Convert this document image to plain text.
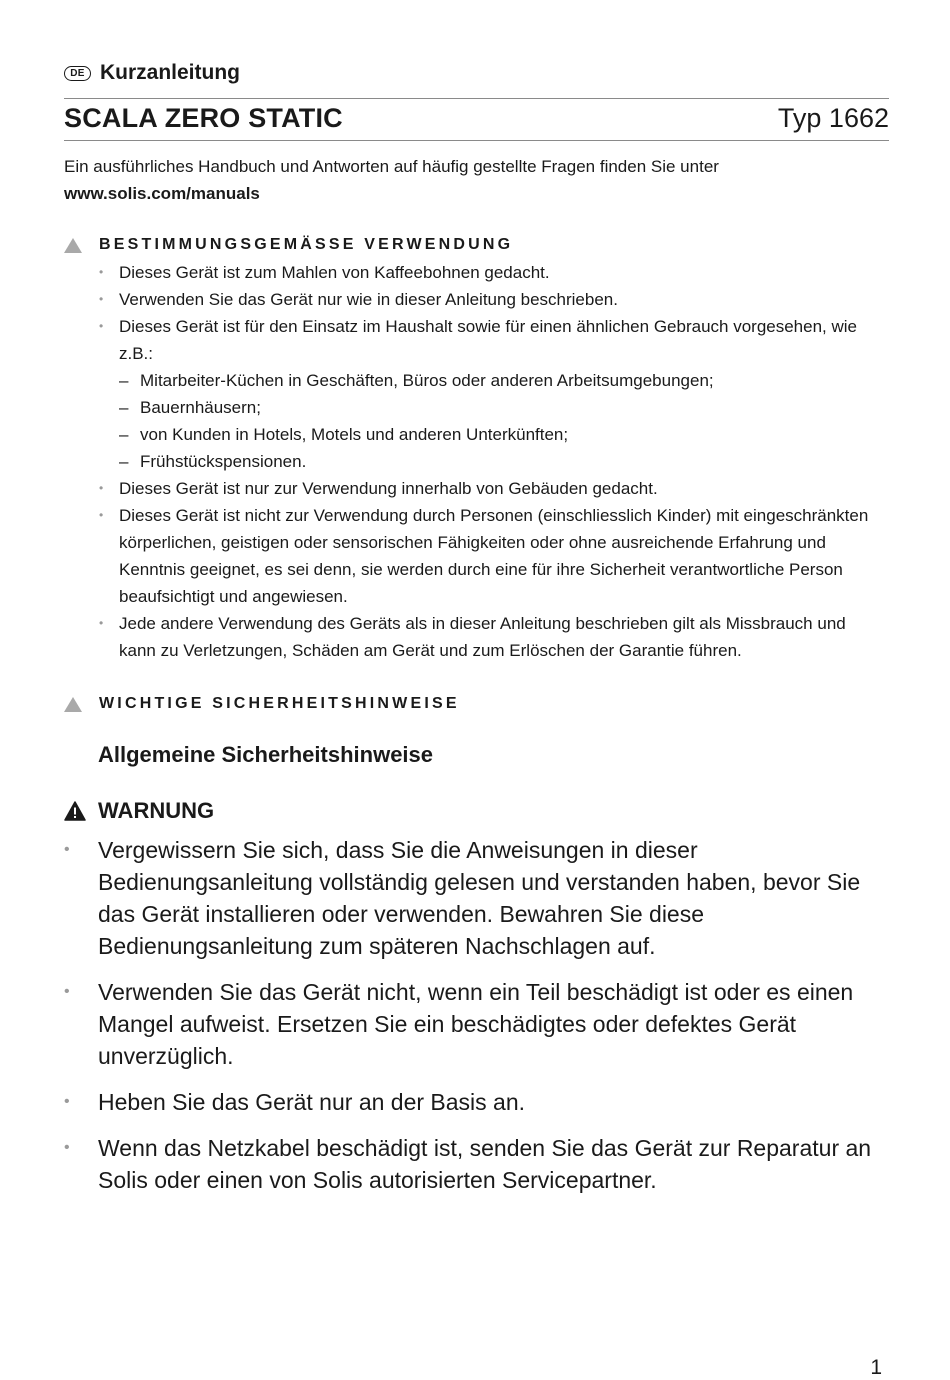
DE Kurzanleitung
SCALA ZERO STATIC	Typ 1662
Ein ausführliches Handbuch und Antworten auf häufig gestellte Fragen finden Sie unter
www.solis.com/manuals
BESTIMMUNGSGEMÄSSE VERWENDUNG
• Dieses Gerät ist zum Mahlen von Kaffeebohnen gedacht.
• Verwenden Sie das Gerät nur wie in dieser Anleitung beschrieben.
• Dieses Gerät ist für den Einsatz im Haushalt sowie für einen ähnlichen Gebrauch vorgesehen, wie z.B.:
– Mitarbeiter-Küchen in Geschäften, Büros oder anderen Arbeitsumgebungen;
– Bauernhäusern;
– von Kunden in Hotels, Motels und anderen Unterkünften;
– Frühstückspensionen.
• Dieses Gerät ist nur zur Verwendung innerhalb von Gebäuden gedacht.
• Dieses Gerät ist nicht zur Verwendung durch Personen (einschliesslich Kinder) mit eingeschränkten körperlichen, geistigen oder sensorischen Fähigkeiten oder ohne ausreichende Erfahrung und Kenntnis geeignet, es sei denn, sie werden durch eine für ihre Sicherheit verantwortliche Person beaufsichtigt und angewiesen.
• Jede andere Verwendung des Geräts als in dieser Anleitung beschrieben gilt als Missbrauch und kann zu Verletzungen, Schäden am Gerät und zum Erlöschen der Garantie führen.
WICHTIGE SICHERHEITSHINWEISE
Allgemeine Sicherheitshinweise
WARNUNG
• Vergewissern Sie sich, dass Sie die Anweisungen in dieser Bedienungsanleitung vollständig gelesen und verstanden haben, bevor Sie das Gerät installieren oder verwenden. Bewahren Sie diese Bedienungsanleitung zum späteren Nachschlagen auf.
• Verwenden Sie das Gerät nicht, wenn ein Teil beschädigt ist oder es einen Mangel aufweist. Ersetzen Sie ein beschädigtes oder defektes Gerät unverzüglich.
• Heben Sie das Gerät nur an der Basis an.
• Wenn das Netzkabel beschädigt ist, senden Sie das Gerät zur Reparatur an Solis oder einen von Solis autorisierten Servicepartner.
1
